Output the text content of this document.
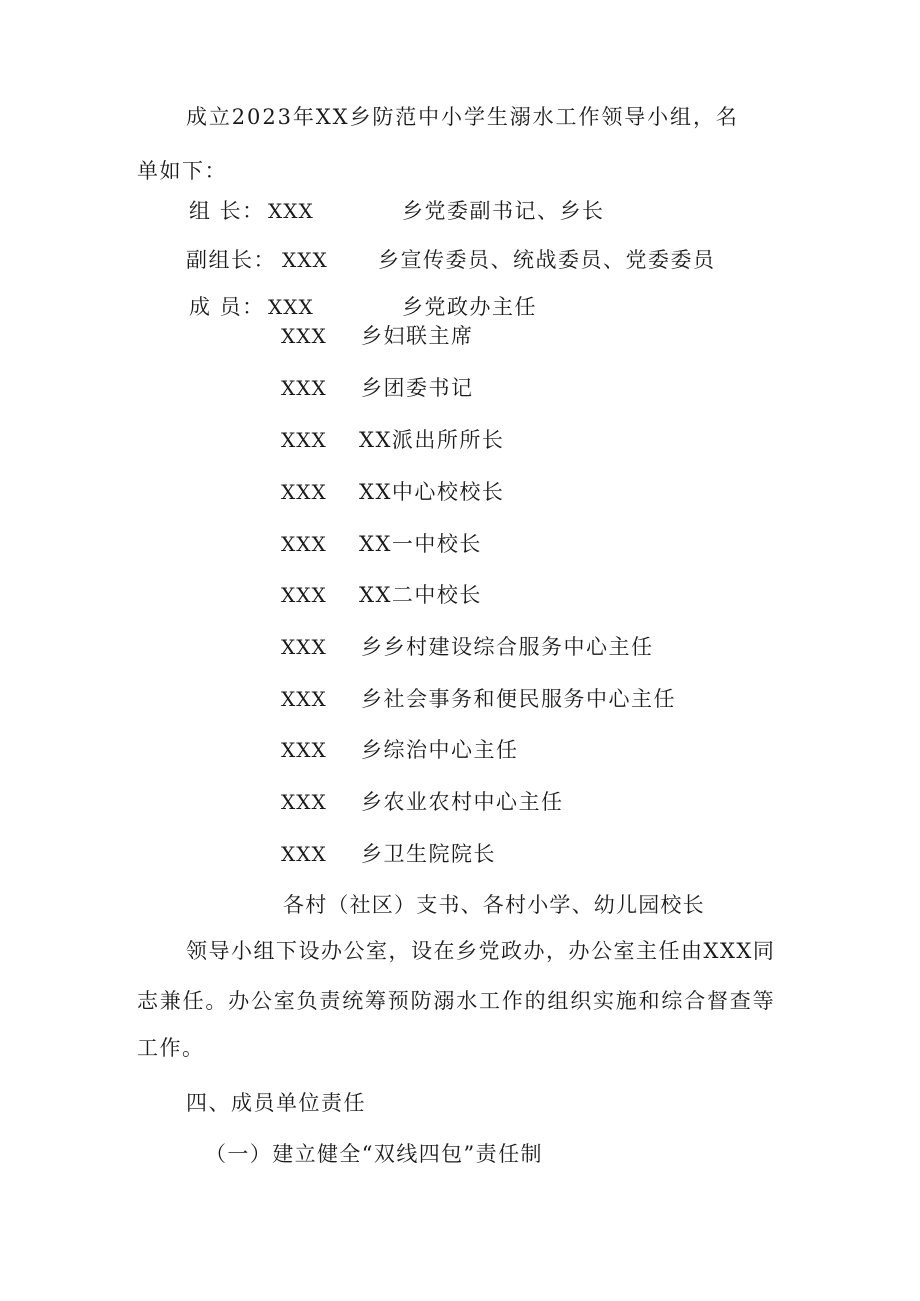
成立2023年XX乡防范中小学生溺水工作领导小组，名
单如下：
组 长： XXX	乡党委副书记、乡长
副组长： XXX 乡宣传委员、统战委员、党委委员
成 员： XXX	乡党政办主任
XXX 乡妇联主席
XXX 乡团委书记
XXX XX派出所所长
XXX XX中心校校长
XXX XX一中校长
XXX XX二中校长
XXX 乡乡村建设综合服务中心主任
XXX 乡社会事务和便民服务中心主任
XXX 乡综治中心主任
XXX 乡农业农村中心主任
XXX 乡卫生院院长
各村（社区）支书、各村小学、幼儿园校长
领导小组下设办公室，设在乡党政办，办公室主任由XXX同
志兼任。办公室负责统筹预防溺水工作的组织实施和综合督查等
工作。
四、成员单位责任
（一）建立健全“双线四包”责任制
